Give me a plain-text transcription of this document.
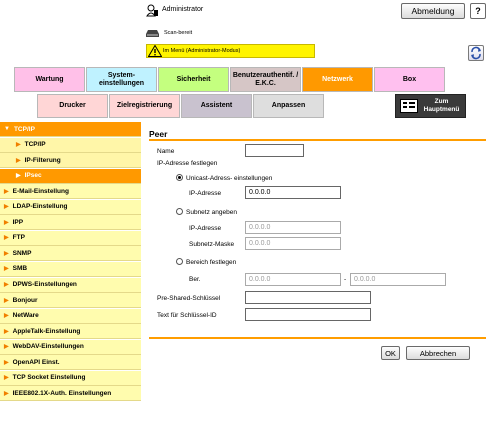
Administrator	Abmeldung	?
Scan-bereit
Im Menü (Administrator-Modus)
Wartung
System-
einstellungen
Sicherheit
Benutzerauthentif. /
E.K.C.
Netzwerk	Box
Drucker	Zielregistrierung	Assistent	Anpassen
Zum
Hauptmenü
▼ TCP/IP
▶ TCP/IP
▶ IP-Filterung
▶ IPsec
▶ E-Mail-Einstellung
▶ LDAP-Einstellung
▶ IPP
▶ FTP
▶ SNMP
▶ SMB
▶ DPWS-Einstellungen
▶ Bonjour
▶ NetWare
▶ AppleTalk-Einstellung
▶ WebDAV-Einstellungen
▶ OpenAPI Einst.
▶ TCP Socket Einstellung
▶ IEEE802.1X-Auth. Einstellungen
Peer
Name
IP-Adresse festlegen
Unicast-Adress- einstellungen
IP-Adresse
0.0.0.0
Subnetz angeben
IP-Adresse
0.0.0.0
Subnetz-Maske
0.0.0.0
Bereich festlegen
Ber.
0.0.0.0	-
0.0.0.0
Pre-Shared-Schlüssel
Text für Schlüssel-ID
OK	Abbrechen
